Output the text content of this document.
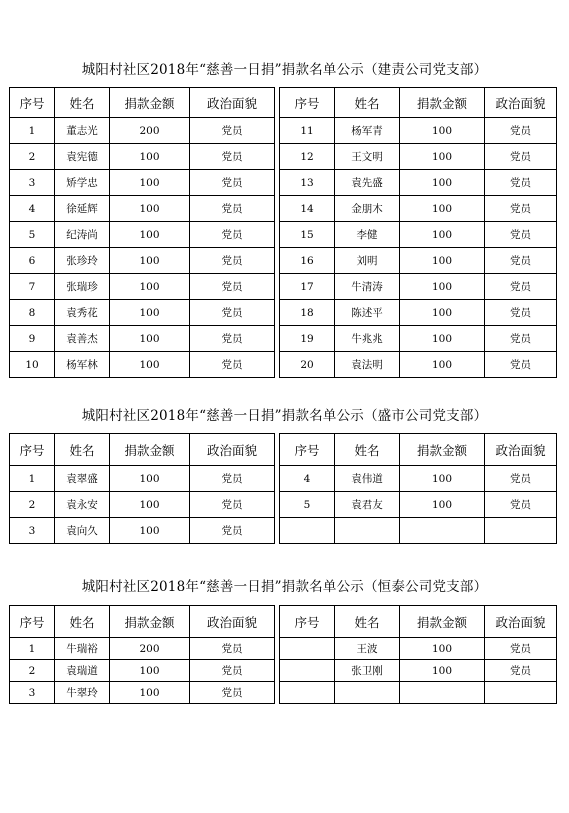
城阳村社区2018年“慈善一日捐”捐款名单公示（建责公司党支部）
序号	姓名	捐款金额	政治面貌		序号	姓名	捐款金额	政治面貌
1	董志光	200	党员		11	杨军青	100	党员
2	袁宪德	100	党员		12	王文明	100	党员
3	矫学忠	100	党员		13	袁先盛	100	党员
4	徐延辉	100	党员		14	金朋木	100	党员
5	纪涛尚	100	党员		15	李健	100	党员
6	张珍玲	100	党员		16	刘明	100	党员
7	张瑞珍	100	党员		17	牛清涛	100	党员
8	袁秀花	100	党员		18	陈述平	100	党员
9	袁善杰	100	党员		19	牛兆兆	100	党员
10	杨军林	100	党员		20	袁法明	100	党员
城阳村社区2018年“慈善一日捐”捐款名单公示（盛市公司党支部）
序号	姓名	捐款金额	政治面貌		序号	姓名	捐款金额	政治面貌
1	袁翠盛	100	党员		4	袁伟道	100	党员
2	袁永安	100	党员		5	袁君友	100	党员
3	袁向久	100	党员					
城阳村社区2018年“慈善一日捐”捐款名单公示（恒泰公司党支部）
序号	姓名	捐款金额	政治面貌		序号	姓名	捐款金额	政治面貌
1	牛瑞裕	200	党员			王波	100	党员
2	袁瑞道	100	党员			张卫刚	100	党员
3	牛翠玲	100	党员					
